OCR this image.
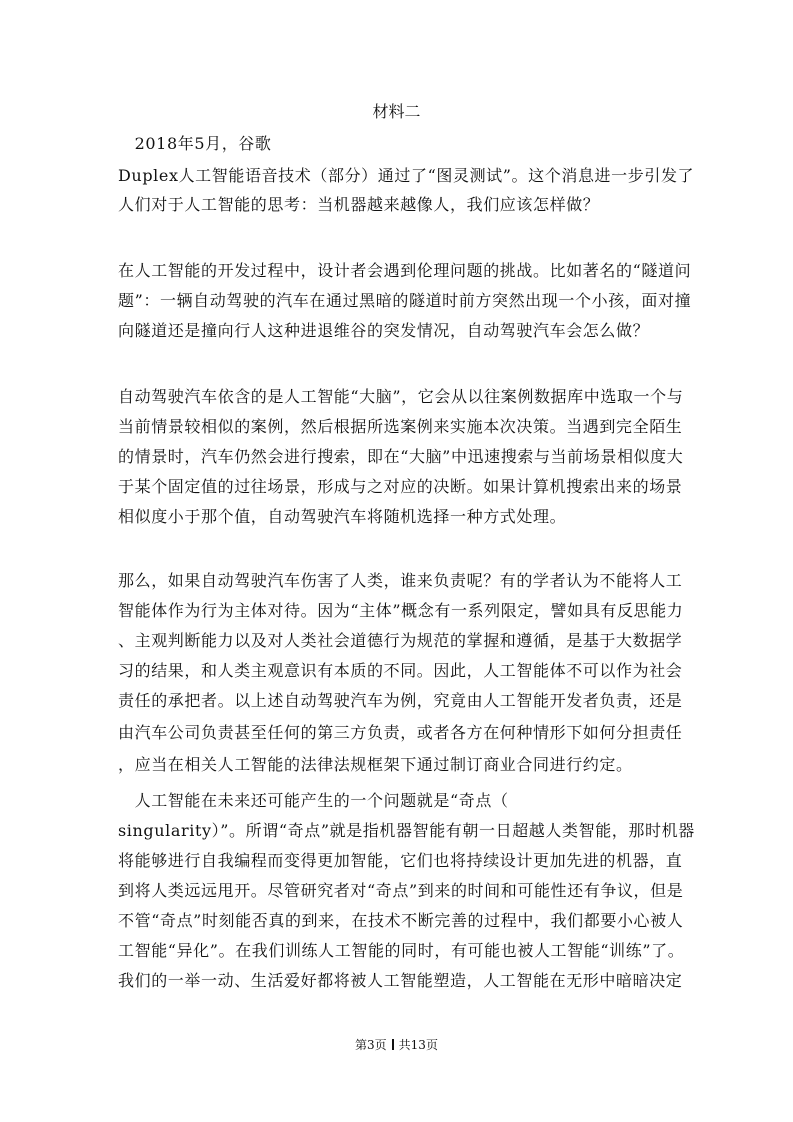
材料二
　2018年5月，谷歌
Duplex人工智能语音技术（部分）通过了“图灵测试”。这个消息进一步引发了
人们对于人工智能的思考：当机器越来越像人，我们应该怎样做？
在人工智能的开发过程中，设计者会遇到伦理问题的挑战。比如著名的“隧道问
题”：一辆自动驾驶的汽车在通过黑暗的隧道时前方突然出现一个小孩，面对撞
向隧道还是撞向行人这种进退维谷的突发情况，自动驾驶汽车会怎么做？
自动驾驶汽车依含的是人工智能“大脑”，它会从以往案例数据库中选取一个与
当前情景较相似的案例，然后根据所选案例来实施本次决策。当遇到完全陌生
的情景时，汽车仍然会进行搜索，即在“大脑”中迅速搜索与当前场景相似度大
于某个固定值的过往场景，形成与之对应的决断。如果计算机搜索出来的场景
相似度小于那个值，自动驾驶汽车将随机选择一种方式处理。
那么，如果自动驾驶汽车伤害了人类，谁来负责呢？有的学者认为不能将人工
智能体作为行为主体对待。因为“主体”概念有一系列限定，譬如具有反思能力
、主观判断能力以及对人类社会道德行为规范的掌握和遵循，是基于大数据学
习的结果，和人类主观意识有本质的不同。因此，人工智能体不可以作为社会
责任的承把者。以上述自动驾驶汽车为例，究竟由人工智能开发者负责，还是
由汽车公司负责甚至任何的第三方负责，或者各方在何种情形下如何分担责任
，应当在相关人工智能的法律法规框架下通过制订商业合同进行约定。
　人工智能在未来还可能产生的一个问题就是“奇点（
singularity）”。所谓“奇点”就是指机器智能有朝一日超越人类智能，那时机器
将能够进行自我编程而变得更加智能，它们也将持续设计更加先进的机器，直
到将人类远远甩开。尽管研究者对“奇点”到来的时间和可能性还有争议，但是
不管“奇点”时刻能否真的到来，在技术不断完善的过程中，我们都要小心被人
工智能“异化”。在我们训练人工智能的同时，有可能也被人工智能“训练”了。
我们的一举一动、生活爱好都将被人工智能塑造，人工智能在无形中暗暗决定
第3页 共13页
